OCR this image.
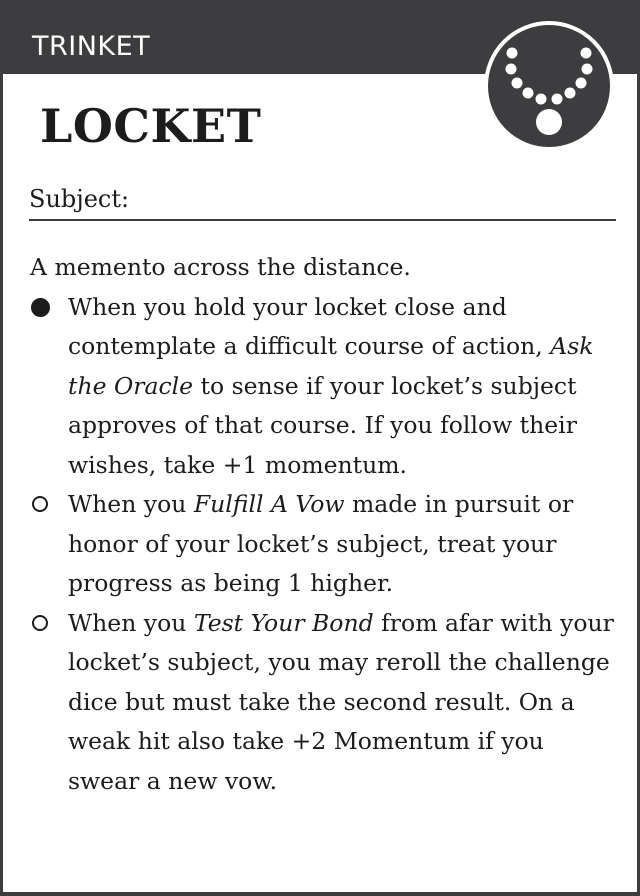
TRINKET
LOCKET
Subject:

A memento across the distance.

When you hold your locket close and contemplate a difficult course of action, Ask the Oracle to sense if your locket’s subject approves of that course. If you follow their wishes, take +1 momentum.
When you Fulfill A Vow made in pursuit or honor of your locket’s subject, treat your progress as being 1 higher.
When you Test Your Bond from afar with your locket’s subject, you may reroll the challenge dice but must take the second result. On a weak hit also take +2 Momentum if you swear a new vow.
